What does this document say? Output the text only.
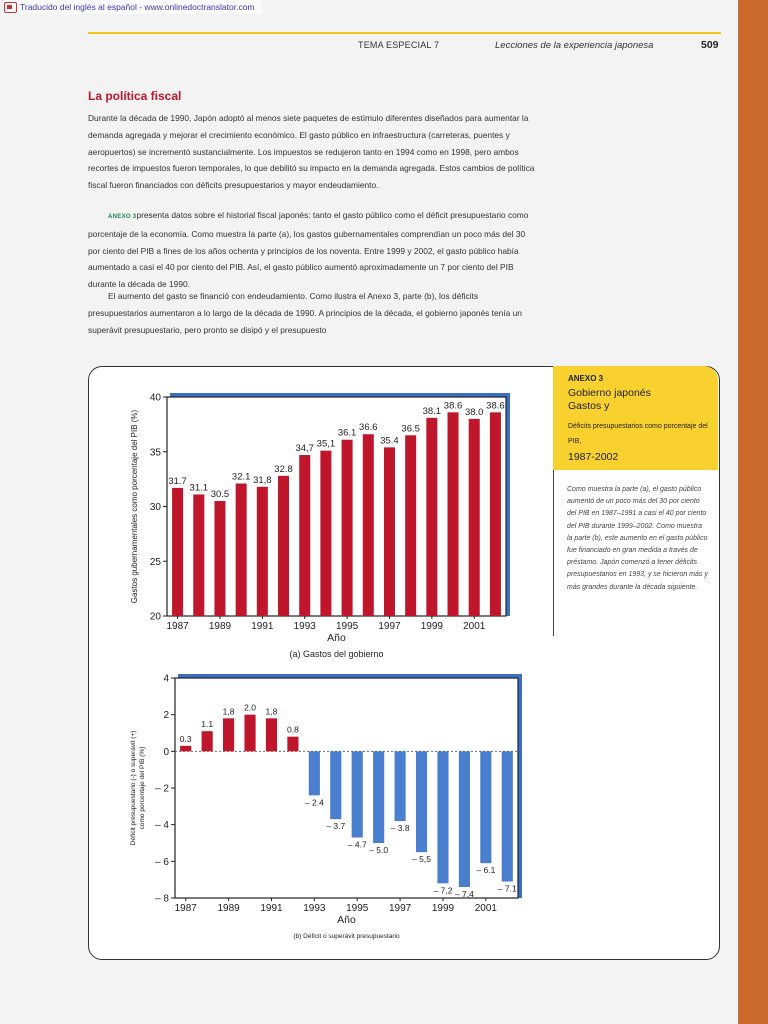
Traducido del inglés al español - www.onlinedoctranslator.com
TEMA ESPECIAL 7	Lecciones de la experiencia japonesa	509
La política fiscal

Durante la década de 1990, Japón adoptó al menos siete paquetes de estímulo diferentes diseñados para aumentar la demanda agregada y mejorar el crecimiento económico. El gasto público en infraestructura (carreteras, puentes y aeropuertos) se incrementó sustancialmente. Los impuestos se redujeron tanto en 1994 como en 1998, pero ambos recortes de impuestos fueron temporales, lo que debilitó su impacto en la demanda agregada. Estos cambios de política fiscal fueron financiados con déficits presupuestarios y mayor endeudamiento.

ANEXO 3presenta datos sobre el historial fiscal japonés: tanto el gasto público como el déficit presupuestario como porcentaje de la economía. Como muestra la parte (a), los gastos gubernamentales comprendían un poco más del 30 por ciento del PIB a fines de los años ochenta y principios de los noventa. Entre 1999 y 2002, el gasto público había aumentado a casi el 40 por ciento del PIB. Así, el gasto público aumentó aproximadamente un 7 por ciento del PIB durante la década de 1990.

El aumento del gasto se financió con endeudamiento. Como ilustra el Anexo 3, parte (b), los déficits presupuestarios aumentaron a lo largo de la década de 1990. A principios de la década, el gobierno japonés tenía un superávit presupuestario, pero pronto se disipó y el presupuesto

20
25
30
35
40
31.7
1987
31.1
30.5
1989
32.1 31,8
1991
32.8
34,7
1993
35,1
36.1
1995
36.6
35.4
1997
36.5
38.1
1999
38.6
38.0
2001
38.6
Año
(a) Gastos del gobierno
Gastos gubernamentales como porcentaje del PIB (%)
4
2
0
– 2
– 4
– 6
– 8
0.3
1987
1.1
1,8
1989
2.0 1,8
1991
0.8
– 2.4
1993
– 3.7
– 4.7
1995
– 5.0
– 3.8
1997
– 5,5
– 7,2
1999
– 7,4
– 6.1
2001
– 7.1
Año
(b) Déficit o superávit presupuestario
Déficit presupuestario (-) o superávit (+) como porcentaje del PIB (%)
ANEXO 3
Gobierno japonés
Gastos y
Déficits presupuestarios como porcentaje del PIB,
1987-2002
Como muestra la parte (a), el gasto público aumentó de un poco más del 30 por ciento del PIB en 1987–1991 a casi el 40 por ciento del PIB durante 1999–2002. Como muestra la parte (b), este aumento en el gasto público fue financiado en gran medida a través de préstamo. Japón comenzó a tener déficits presupuestarios en 1993, y se hicieron más y más grandes durante la década siguiente.
